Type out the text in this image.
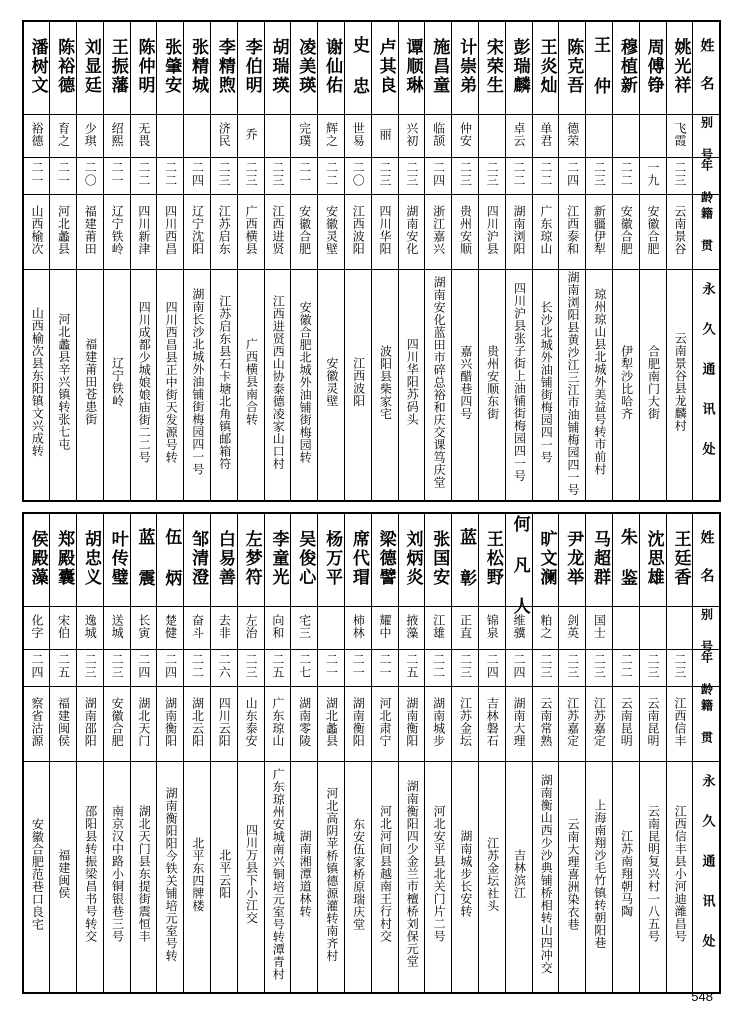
潘树文	陈裕德	刘显廷	王振藩	陈仲明	张肇安	张精城	李精煦	李伯明	胡瑞瑛	凌美瑛	谢仙佑	史 忠	卢其良	谭顺琳	施昌童	计崇弟	宋荣生	彭瑞麟	王炎灿	陈克吾	王 仲	穆植新	周傅铮	姚光祥	姓 名
裕德	育之	少琪	绍熙	无畏			济民	乔		完璞	辉之	世易	丽	兴初	临颉	仲安		卓云	单君	德荣				飞霞	别 号
二一	二一	二〇	二一	二二	二二	二四	二三	二三	二三	二一	二二	二〇	二三	二三	二四	二三	二三	二二	二二	二四	二三	二二	一九	二三	年 龄
山西榆次	河北蠡县	福建莆田	辽宁铁岭	四川新津	四川西昌	辽宁沈阳	江苏启东	广西横县	江西进贤	安徽合肥	安徽灵壁	江西波阳	四川华阳	湖南安化	浙江嘉兴	贵州安顺	四川沪县	湖南浏阳	广东琼山	江西泰和	新疆伊犁	安徽合肥	安徽合肥	云南景谷	籍 贯
山西榆次县东阳镇文兴成转	河北蠡县辛兴镇转张七屯	福建莆田苍患街	辽宁铁岭	四川成都少城娘娘庙街二二号	四川西昌县正中街天发源号转	湖南长沙北城外油铺街梅园四一号	江苏启东县石卡塘北角镇邮箱符	广西横县南合转	江西进贤西山协泰德凌家山口村	安徽合肥北城外油铺街梅园转	安徽灵壁	江西波阳	波阳县柴家宅	四川华阳苏码头	湖南安化蓝田市碎总裕和庆交课笃庆堂	嘉兴醋巷四号	贵州安顺东街	四川沪县张子街上油铺街梅园四一号	长沙北城外油铺街梅园四一号	湖南浏阳县黄沙江三江市油铺梅园四一号	琼州琼山县北城外美益号转市前村	伊犁沙比哈齐	合肥南门大街	云南景谷县龙麟村	永 久 通 讯 处
侯殿藻	郑殿囊	胡忠义	叶传璧	蓝 震	伍 炳	邹清澄	白易善	左梦符	李童光	吴俊心	杨万平	席代瑁	梁德譬	刘炳炎	张国安	蓝 彰	王松野	何 凡 人	旷文澜	尹龙举	马超群	朱 鉴	沈思雄	王廷香	姓 名
化字	宋伯	逸城	送城	长寅	楚健	奋斗	去非	左治	向和	宅三		柿林	耀中	掖藻	江雄	正直	锦泉	维骥	粕之	剑英	国士				别 号
二四	二五	二三	二三	二四	二四	二二	二六	二三	二五	二七	二一	二一	二一	二五	二二	二三	二四	二四	二三	二三	二三	二二	二三	二三	年 龄
察省沽源	福建闽侯	湖南邵阳	安徽合肥	湖北天门	湖南衡阳	湖北云阳	四川云阳	山东泰安	广东琼山	湖南零陵	湖北蠡县	湖南衡阳	河北肃宁	湖南衡阳	湖南城步	江苏金坛	吉林磐石	湖南大理	云南常熟	江苏嘉定	江苏嘉定	云南昆明	云南昆明	江西信丰	籍 贯
安徽合肥范巷口良宅	福建闽侯	邵阳县转振梁昌书号转交	南京汉中路小铜银巷三号	湖北天门县东提街震恒丰	湖南衡阳阳今铁关铺培元室号转	北平东四牌楼	北平云阳	四川万县下小江交	广东琼州安城南兴铜培元室号转潭青村	湖南湘潭道林转	河北高阴苹桥镇德源灌转南齐村	东安伍家桥原瑞庆堂	河北河间县越南王行村交	湖南衡阳四少金兰市檀桥刘保元堂	河北安平县北关门片二号	湖南城步长安转	江苏金坛社头	吉林滨江	湖南衡山西少沙典铺桥相转山四冲交	云南大理喜洲染衣巷	上海南翔沙毛竹镇转朝阳巷	江苏南翔朝马陶	云南昆明复兴村一八五号	江西信丰县小河迪潍昌号	永 久 通 讯 处
548
